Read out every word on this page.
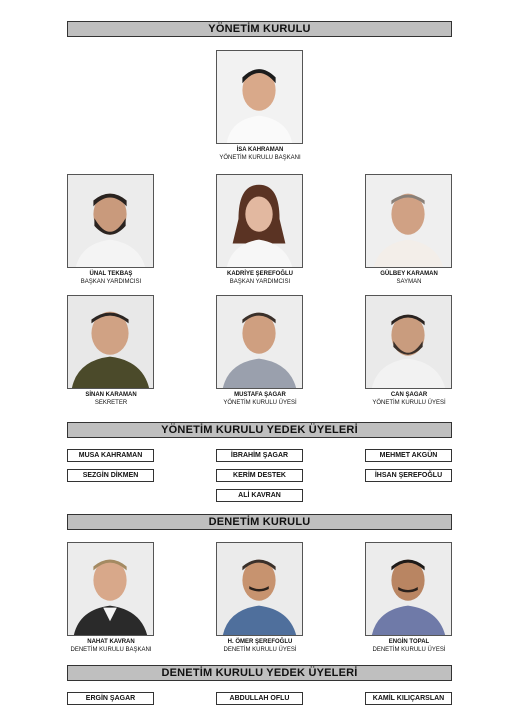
YÖNETİM KURULU
YÖNETİM KURULU YEDEK ÜYELERİ
DENETİM KURULU
DENETİM KURULU YEDEK ÜYELERİ
İSA KAHRAMAN
YÖNETİM KURULU BAŞKANI
ÜNAL TEKBAŞ
BAŞKAN YARDIMCISI
KADRİYE ŞEREFOĞLU
BAŞKAN YARDIMCISI
GÜLBEY KARAMAN
SAYMAN
SİNAN KARAMAN
SEKRETER
MUSTAFA ŞAGAR
YÖNETİM KURULU ÜYESİ
CAN ŞAGAR
YÖNETİM KURULU ÜYESİ
MUSA KAHRAMAN	İBRAHİM ŞAGAR	MEHMET AKGÜN
SEZGİN DİKMEN	KERİM DESTEK	İHSAN ŞEREFOĞLU
ALİ KAVRAN
NAHAT KAVRAN
DENETİM KURULU BAŞKANI
H. ÖMER ŞEREFOĞLU
DENETİM KURULU ÜYESİ
ENGİN TOPAL
DENETİM KURULU ÜYESİ
ERGİN ŞAGAR	ABDULLAH OFLU	KAMİL KILIÇARSLAN
